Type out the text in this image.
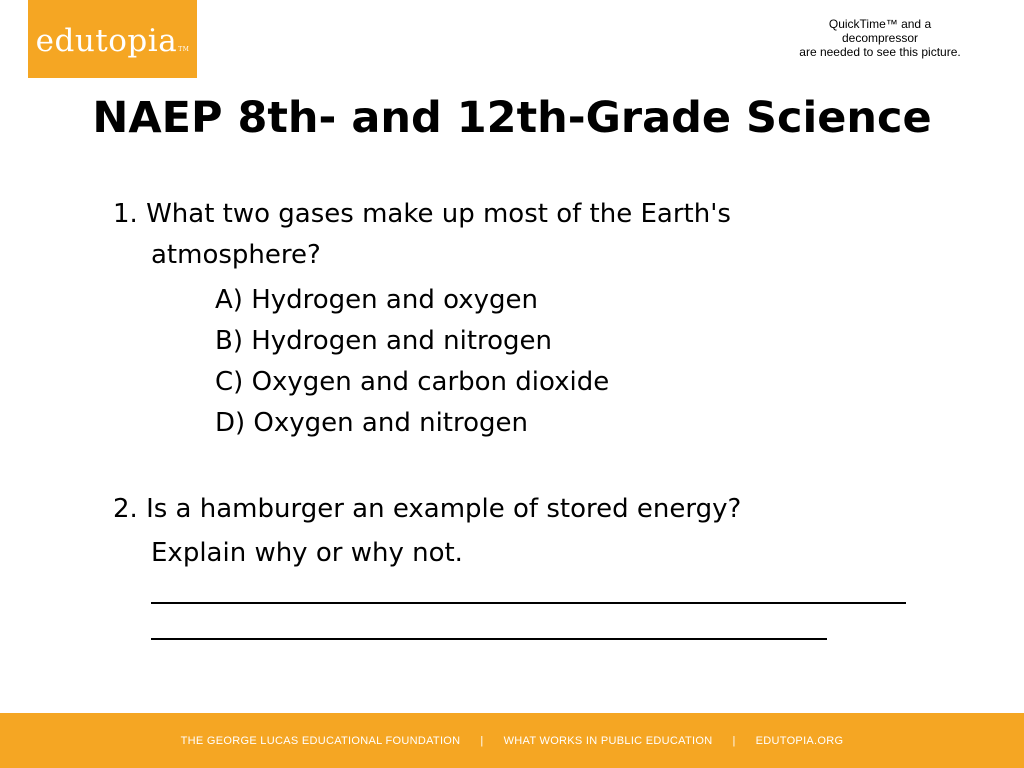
edutopiaTM
QuickTime™ and a
decompressor
are needed to see this picture.
NAEP 8th- and 12th-Grade Science

1. What two gases make up most of the Earth's

atmosphere?

A) Hydrogen and oxygen

B) Hydrogen and nitrogen

C) Oxygen and carbon dioxide

D) Oxygen and nitrogen

2. Is a hamburger an example of stored energy?

Explain why or why not.

THE GEORGE LUCAS EDUCATIONAL FOUNDATION | WHAT WORKS IN PUBLIC EDUCATION | EDUTOPIA.ORG
